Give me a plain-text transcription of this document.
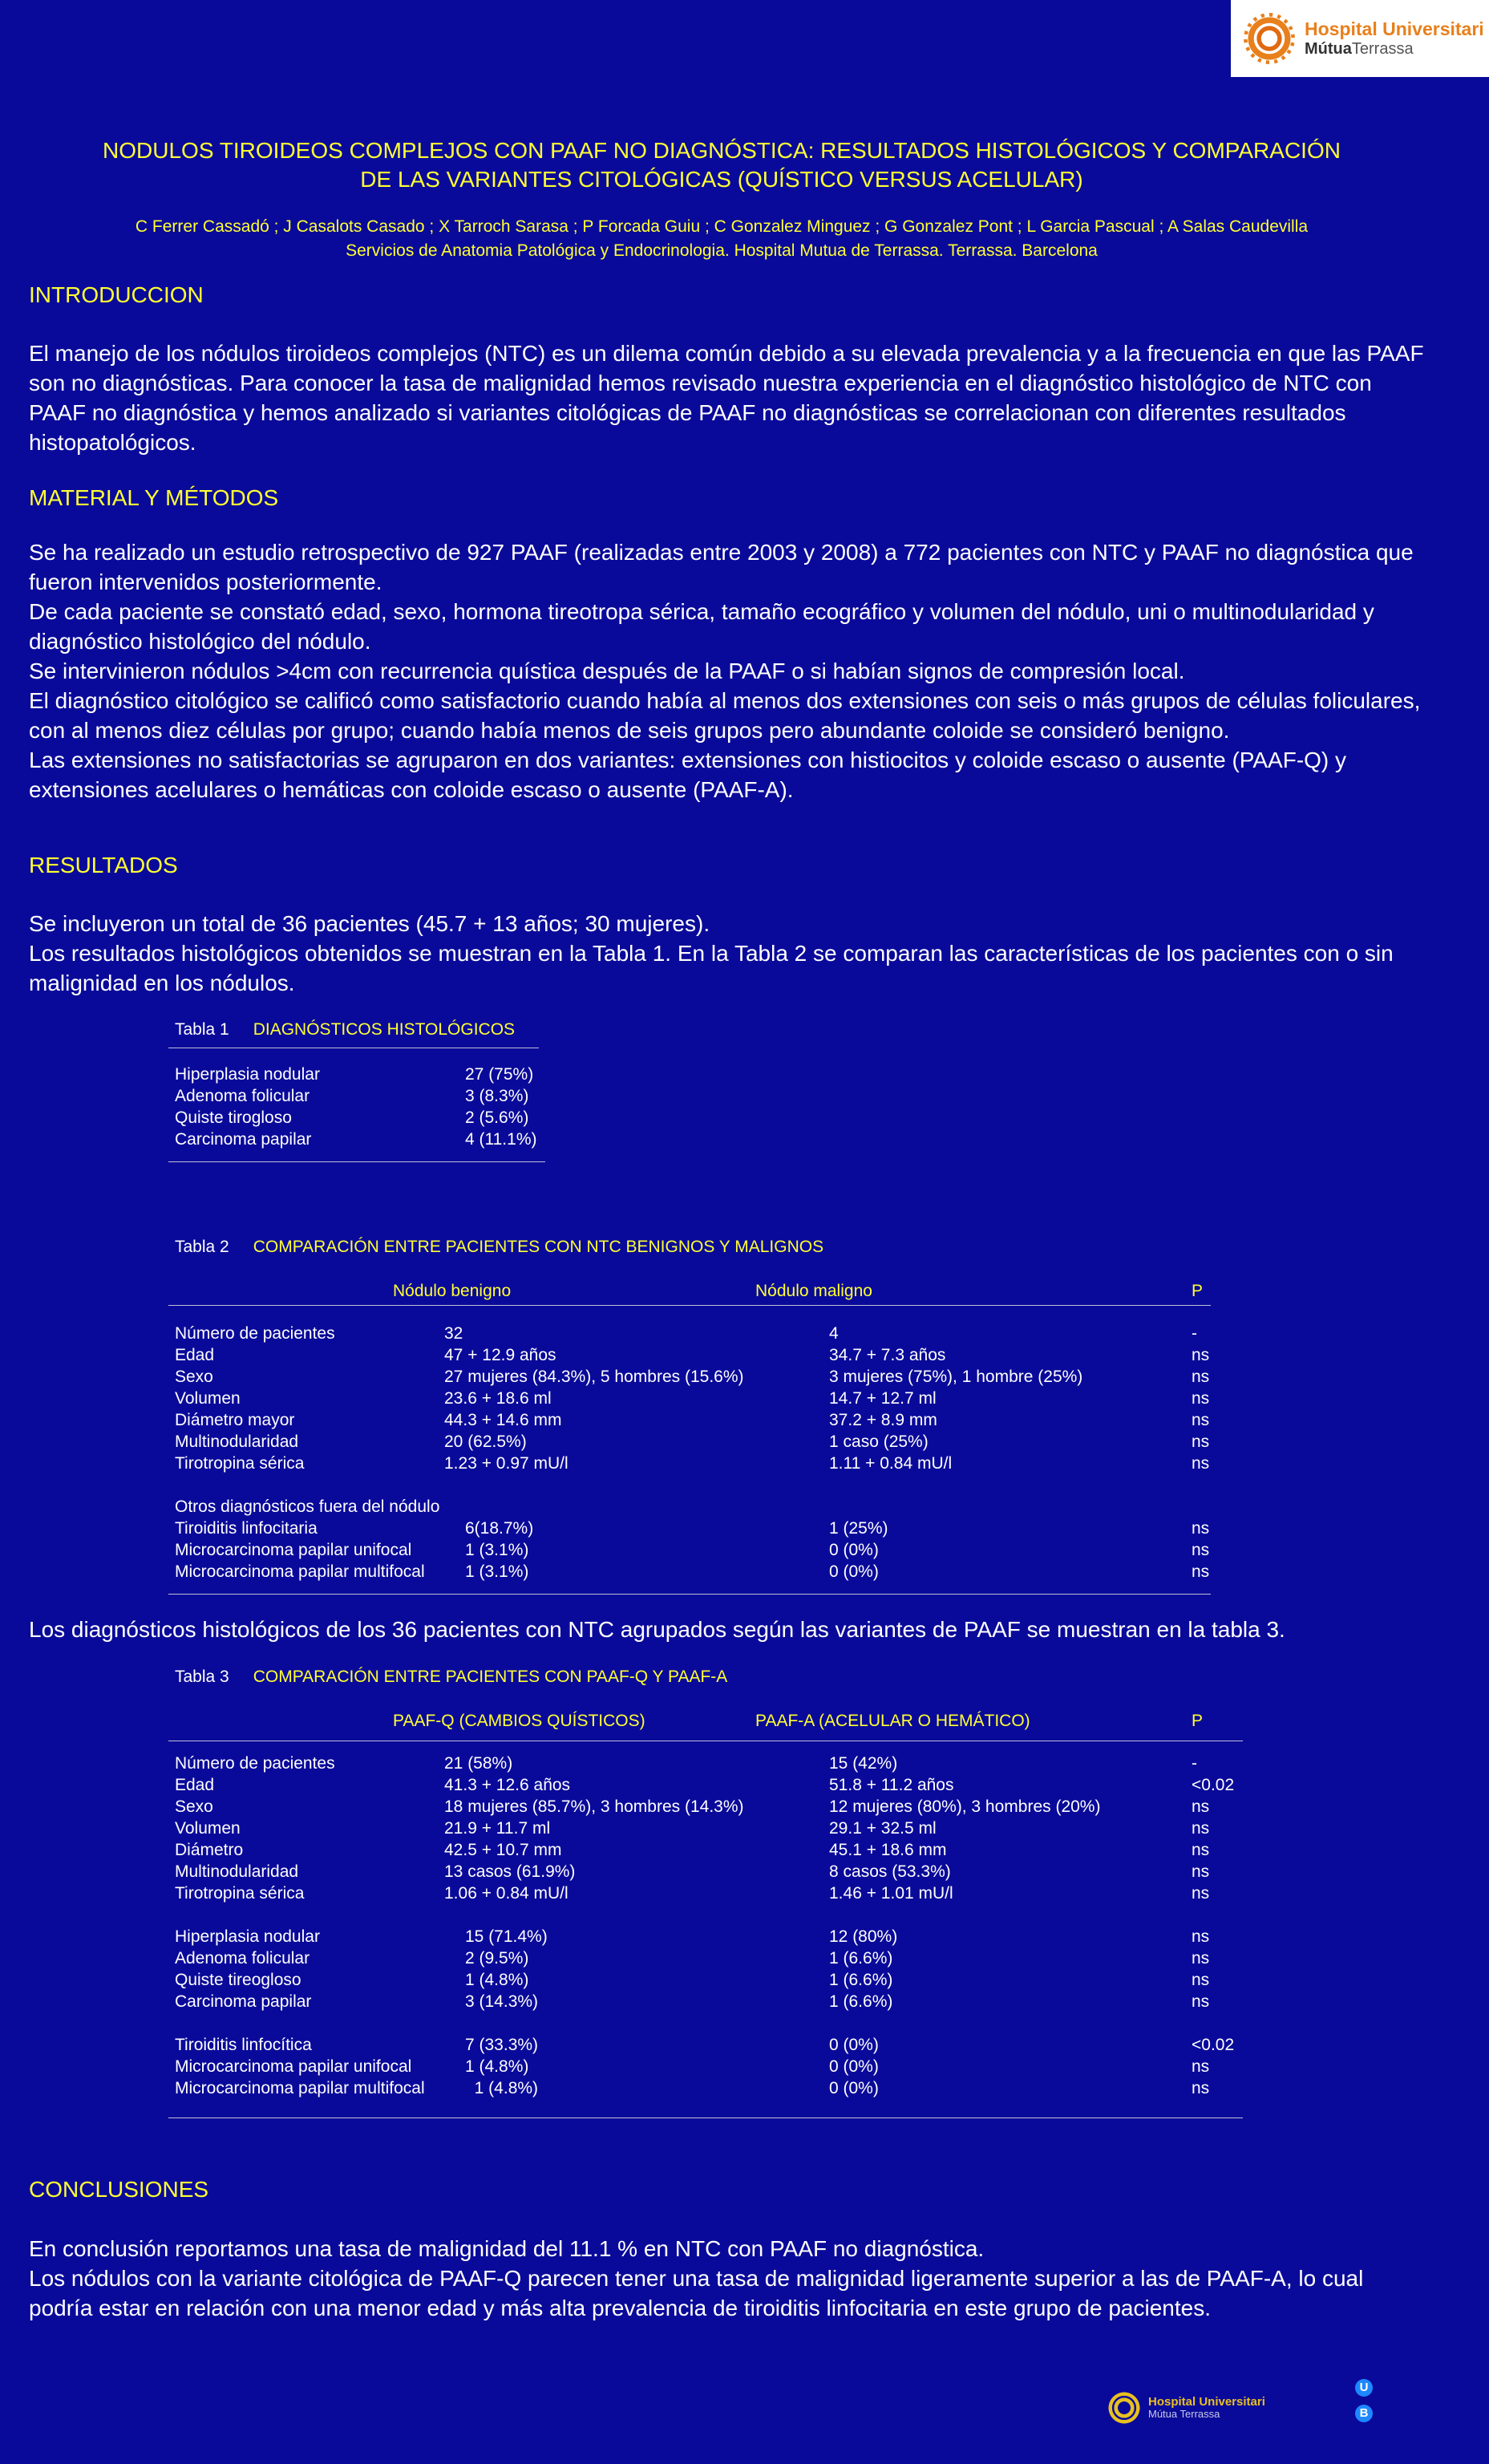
Hospital Universitari
MútuaTerrassa
NODULOS TIROIDEOS COMPLEJOS CON PAAF NO DIAGNÓSTICA: RESULTADOS HISTOLÓGICOS Y COMPARACIÓN
DE LAS VARIANTES CITOLÓGICAS (QUÍSTICO VERSUS ACELULAR)
C Ferrer Cassadó ; J Casalots Casado ; X Tarroch Sarasa ; P Forcada Guiu ; C Gonzalez Minguez ; G Gonzalez Pont ; L Garcia Pascual ; A Salas Caudevilla
Servicios de Anatomia Patológica y Endocrinologia. Hospital Mutua de Terrassa. Terrassa. Barcelona
INTRODUCCION

El manejo de los nódulos tiroideos complejos (NTC) es un dilema común debido a su elevada prevalencia y a la frecuencia en que las PAAF son no diagnósticas. Para conocer la tasa de malignidad hemos revisado nuestra experiencia en el diagnóstico histológico de NTC con PAAF no diagnóstica y hemos analizado si variantes citológicas de PAAF no diagnósticas se correlacionan con diferentes resultados histopatológicos.

MATERIAL Y MÉTODOS

Se ha realizado un estudio retrospectivo de 927 PAAF (realizadas entre 2003 y 2008) a 772 pacientes con NTC y PAAF no diagnóstica que fueron intervenidos posteriormente.

De cada paciente se constató edad, sexo, hormona tireotropa sérica, tamaño ecográfico y volumen del nódulo, uni o multinodularidad y diagnóstico histológico del nódulo.

Se intervinieron nódulos >4cm con recurrencia quística después de la PAAF o si habían signos de compresión local.

El diagnóstico citológico se calificó como satisfactorio cuando había al menos dos extensiones con seis o más grupos de células foliculares, con al menos diez células por grupo; cuando había menos de seis grupos pero abundante coloide se consideró benigno.

Las extensiones no satisfactorias se agruparon en dos variantes: extensiones con histiocitos y coloide escaso o ausente (PAAF-Q) y extensiones acelulares o hemáticas con coloide escaso o ausente (PAAF-A).

RESULTADOS

Se incluyeron un total de 36 pacientes (45.7 + 13 años; 30 mujeres).

Los resultados histológicos obtenidos se muestran en la Tabla 1. En la Tabla 2 se comparan las características de los pacientes con o sin malignidad en los nódulos.

Tabla 1 DIAGNÓSTICOS HISTOLÓGICOS
Hiperplasia nodular	27 (75%)
Adenoma folicular	3 (8.3%)
Quiste tirogloso	2 (5.6%)
Carcinoma papilar	4 (11.1%)
Tabla 2 COMPARACIÓN ENTRE PACIENTES CON NTC BENIGNOS Y MALIGNOS
Nódulo benigno	Nódulo maligno	P
Número de pacientes	32	4	-
Edad	47 + 12.9 años	34.7 + 7.3 años	ns
Sexo	27 mujeres (84.3%), 5 hombres (15.6%)	3 mujeres (75%), 1 hombre (25%)	ns
Volumen	23.6 + 18.6 ml	14.7 + 12.7 ml	ns
Diámetro mayor	44.3 + 14.6 mm	37.2 + 8.9 mm	ns
Multinodularidad	20 (62.5%)	1 caso (25%)	ns
Tirotropina sérica	1.23 + 0.97 mU/l	1.11 + 0.84 mU/l	ns
Otros diagnósticos fuera del nódulo
Tiroiditis linfocitaria	6(18.7%)	1 (25%)	ns
Microcarcinoma papilar unifocal	1 (3.1%)	0 (0%)	ns
Microcarcinoma papilar multifocal 1 (3.1%)	0 (0%)	ns

Los diagnósticos histológicos de los 36 pacientes con NTC agrupados según las variantes de PAAF se muestran en la tabla 3.

Tabla 3 COMPARACIÓN ENTRE PACIENTES CON PAAF-Q Y PAAF-A
PAAF-Q (CAMBIOS QUÍSTICOS)	PAAF-A (ACELULAR O HEMÁTICO)	P
Número de pacientes	21 (58%)	15 (42%)	-
Edad	41.3 + 12.6 años	51.8 + 11.2 años	<0.02
Sexo	18 mujeres (85.7%), 3 hombres (14.3%)	12 mujeres (80%), 3 hombres (20%)	ns
Volumen	21.9 + 11.7 ml	29.1 + 32.5 ml	ns
Diámetro	42.5 + 10.7 mm	45.1 + 18.6 mm	ns
Multinodularidad	13 casos (61.9%)	8 casos (53.3%)	ns
Tirotropina sérica	1.06 + 0.84 mU/l	1.46 + 1.01 mU/l	ns
Hiperplasia nodular	15 (71.4%)	12 (80%)	ns
Adenoma folicular	2 (9.5%)	1 (6.6%)	ns
Quiste tireogloso	1 (4.8%)	1 (6.6%)	ns
Carcinoma papilar	3 (14.3%)	1 (6.6%)	ns
Tiroiditis linfocítica	7 (33.3%)	0 (0%)	<0.02
Microcarcinoma papilar unifocal	1 (4.8%)	0 (0%)	ns
Microcarcinoma papilar multifocal 1 (4.8%)	0 (0%)	ns
CONCLUSIONES

En conclusión reportamos una tasa de malignidad del 11.1 % en NTC con PAAF no diagnóstica.

Los nódulos con la variante citológica de PAAF-Q parecen tener una tasa de malignidad ligeramente superior a las de PAAF-A, lo cual podría estar en relación con una menor edad y más alta prevalencia de tiroiditis linfocitaria en este grupo de pacientes.

Hospital Universitari
Mútua Terrassa
U
B
